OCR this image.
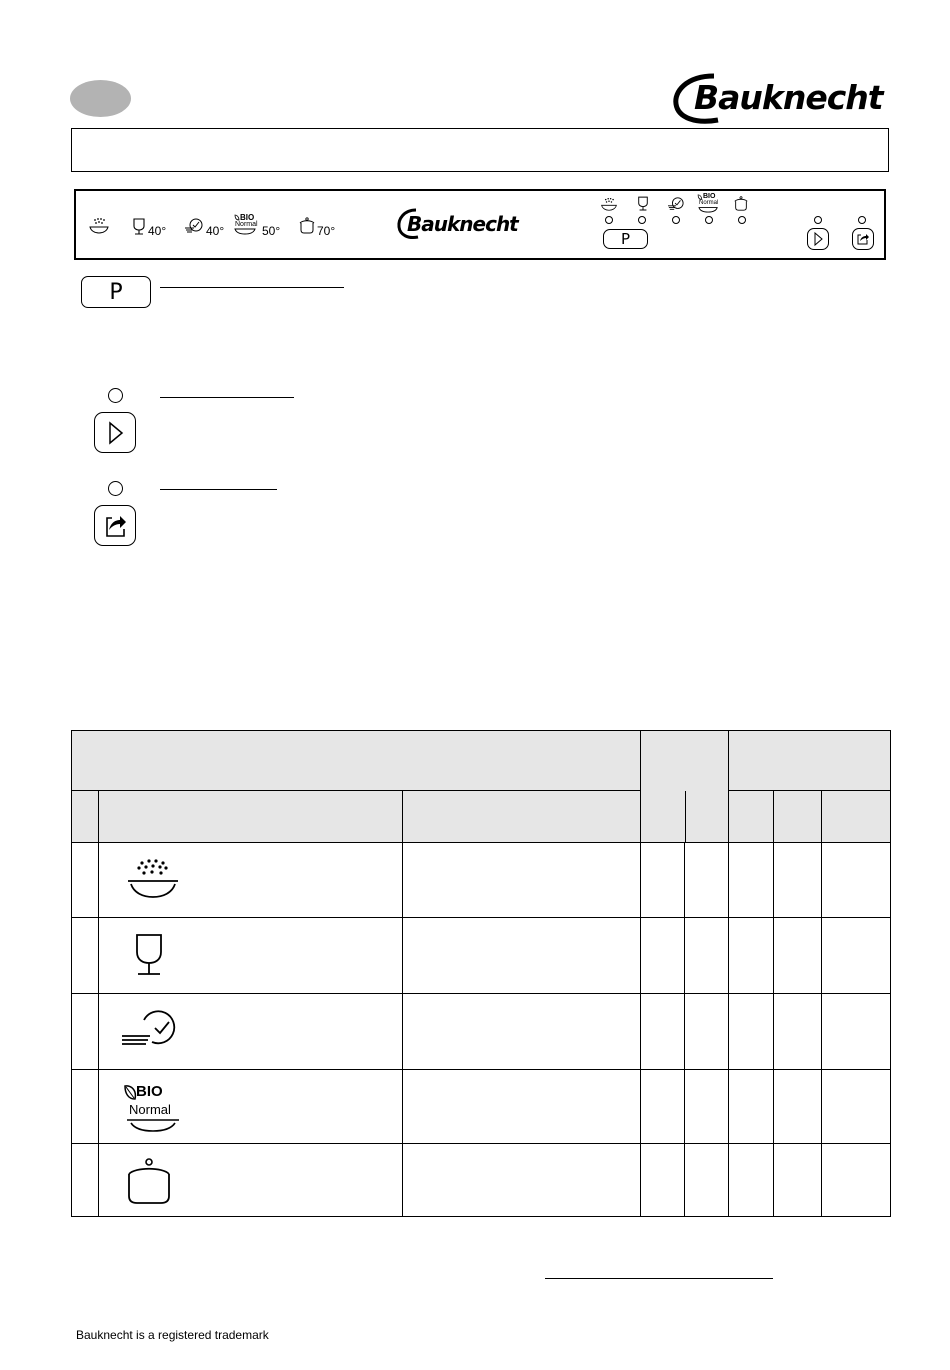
Bauknecht
40°	40°
BIO
Normal 50°	70°	Bauknecht
BIO
Normal
P
P

	BIO
Normal						

Bauknecht is a registered trademark
